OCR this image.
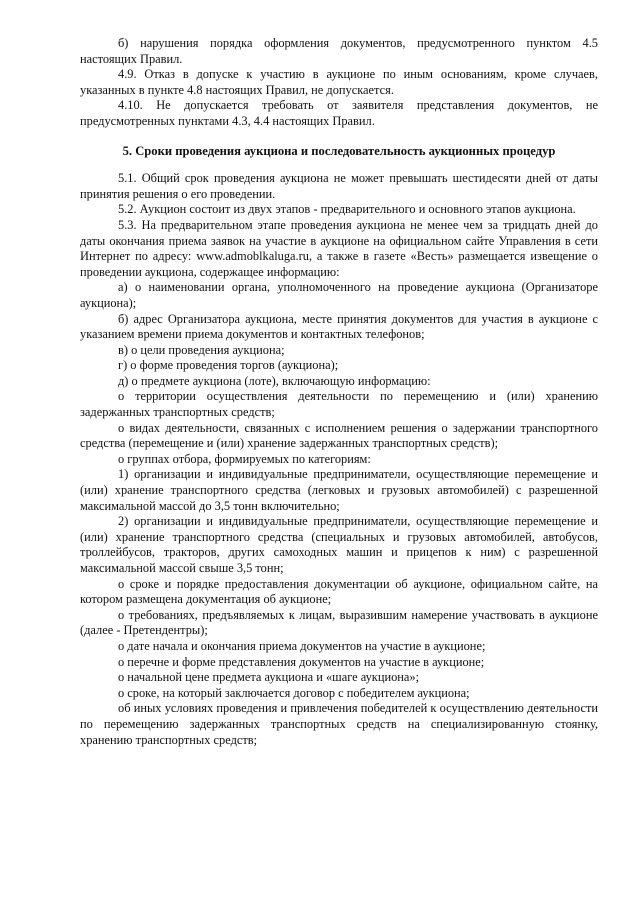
б) нарушения порядка оформления документов, предусмотренного пунктом 4.5 настоящих Правил.

4.9. Отказ в допуске к участию в аукционе по иным основаниям, кроме случаев, указанных в пункте 4.8 настоящих Правил, не допускается.

4.10. Не допускается требовать от заявителя представления документов, не предусмотренных пунктами 4.3, 4.4 настоящих Правил.

5. Сроки проведения аукциона и последовательность аукционных процедур

5.1. Общий срок проведения аукциона не может превышать шестидесяти дней от даты принятия решения о его проведении.

5.2. Аукцион состоит из двух этапов - предварительного и основного этапов аукциона.

5.3. На предварительном этапе проведения аукциона не менее чем за тридцать дней до даты окончания приема заявок на участие в аукционе на официальном сайте Управления в сети Интернет по адресу: www.admoblkaluga.ru, а также в газете «Весть» размещается извещение о проведении аукциона, содержащее информацию:

а) о наименовании органа, уполномоченного на проведение аукциона (Организаторе аукциона);

б) адрес Организатора аукциона, месте принятия документов для участия в аукционе с указанием времени приема документов и контактных телефонов;

в) о цели проведения аукциона;

г) о форме проведения торгов (аукциона);

д) о предмете аукциона (лоте), включающую информацию:

о территории осуществления деятельности по перемещению и (или) хранению задержанных транспортных средств;

о видах деятельности, связанных с исполнением решения о задержании транспортного средства (перемещение и (или) хранение задержанных транспортных средств);

о группах отбора, формируемых по категориям:

1) организации и индивидуальные предприниматели, осуществляющие перемещение и (или) хранение транспортного средства (легковых и грузовых автомобилей) с разрешенной максимальной массой до 3,5 тонн включительно;

2) организации и индивидуальные предприниматели, осуществляющие перемещение и (или) хранение транспортного средства (специальных и грузовых автомобилей, автобусов, троллейбусов, тракторов, других самоходных машин и прицепов к ним) с разрешенной максимальной массой свыше 3,5 тонн;

о сроке и порядке предоставления документации об аукционе, официальном сайте, на котором размещена документация об аукционе;

о требованиях, предъявляемых к лицам, выразившим намерение участвовать в аукционе (далее - Претендентры);

о дате начала и окончания приема документов на участие в аукционе;

о перечне и форме представления документов на участие в аукционе;

о начальной цене предмета аукциона и «шаге аукциона»;

о сроке, на который заключается договор с победителем аукциона;

об иных условиях проведения и привлечения победителей к осуществлению деятельности по перемещению задержанных транспортных средств на специализированную стоянку, хранению транспортных средств;
